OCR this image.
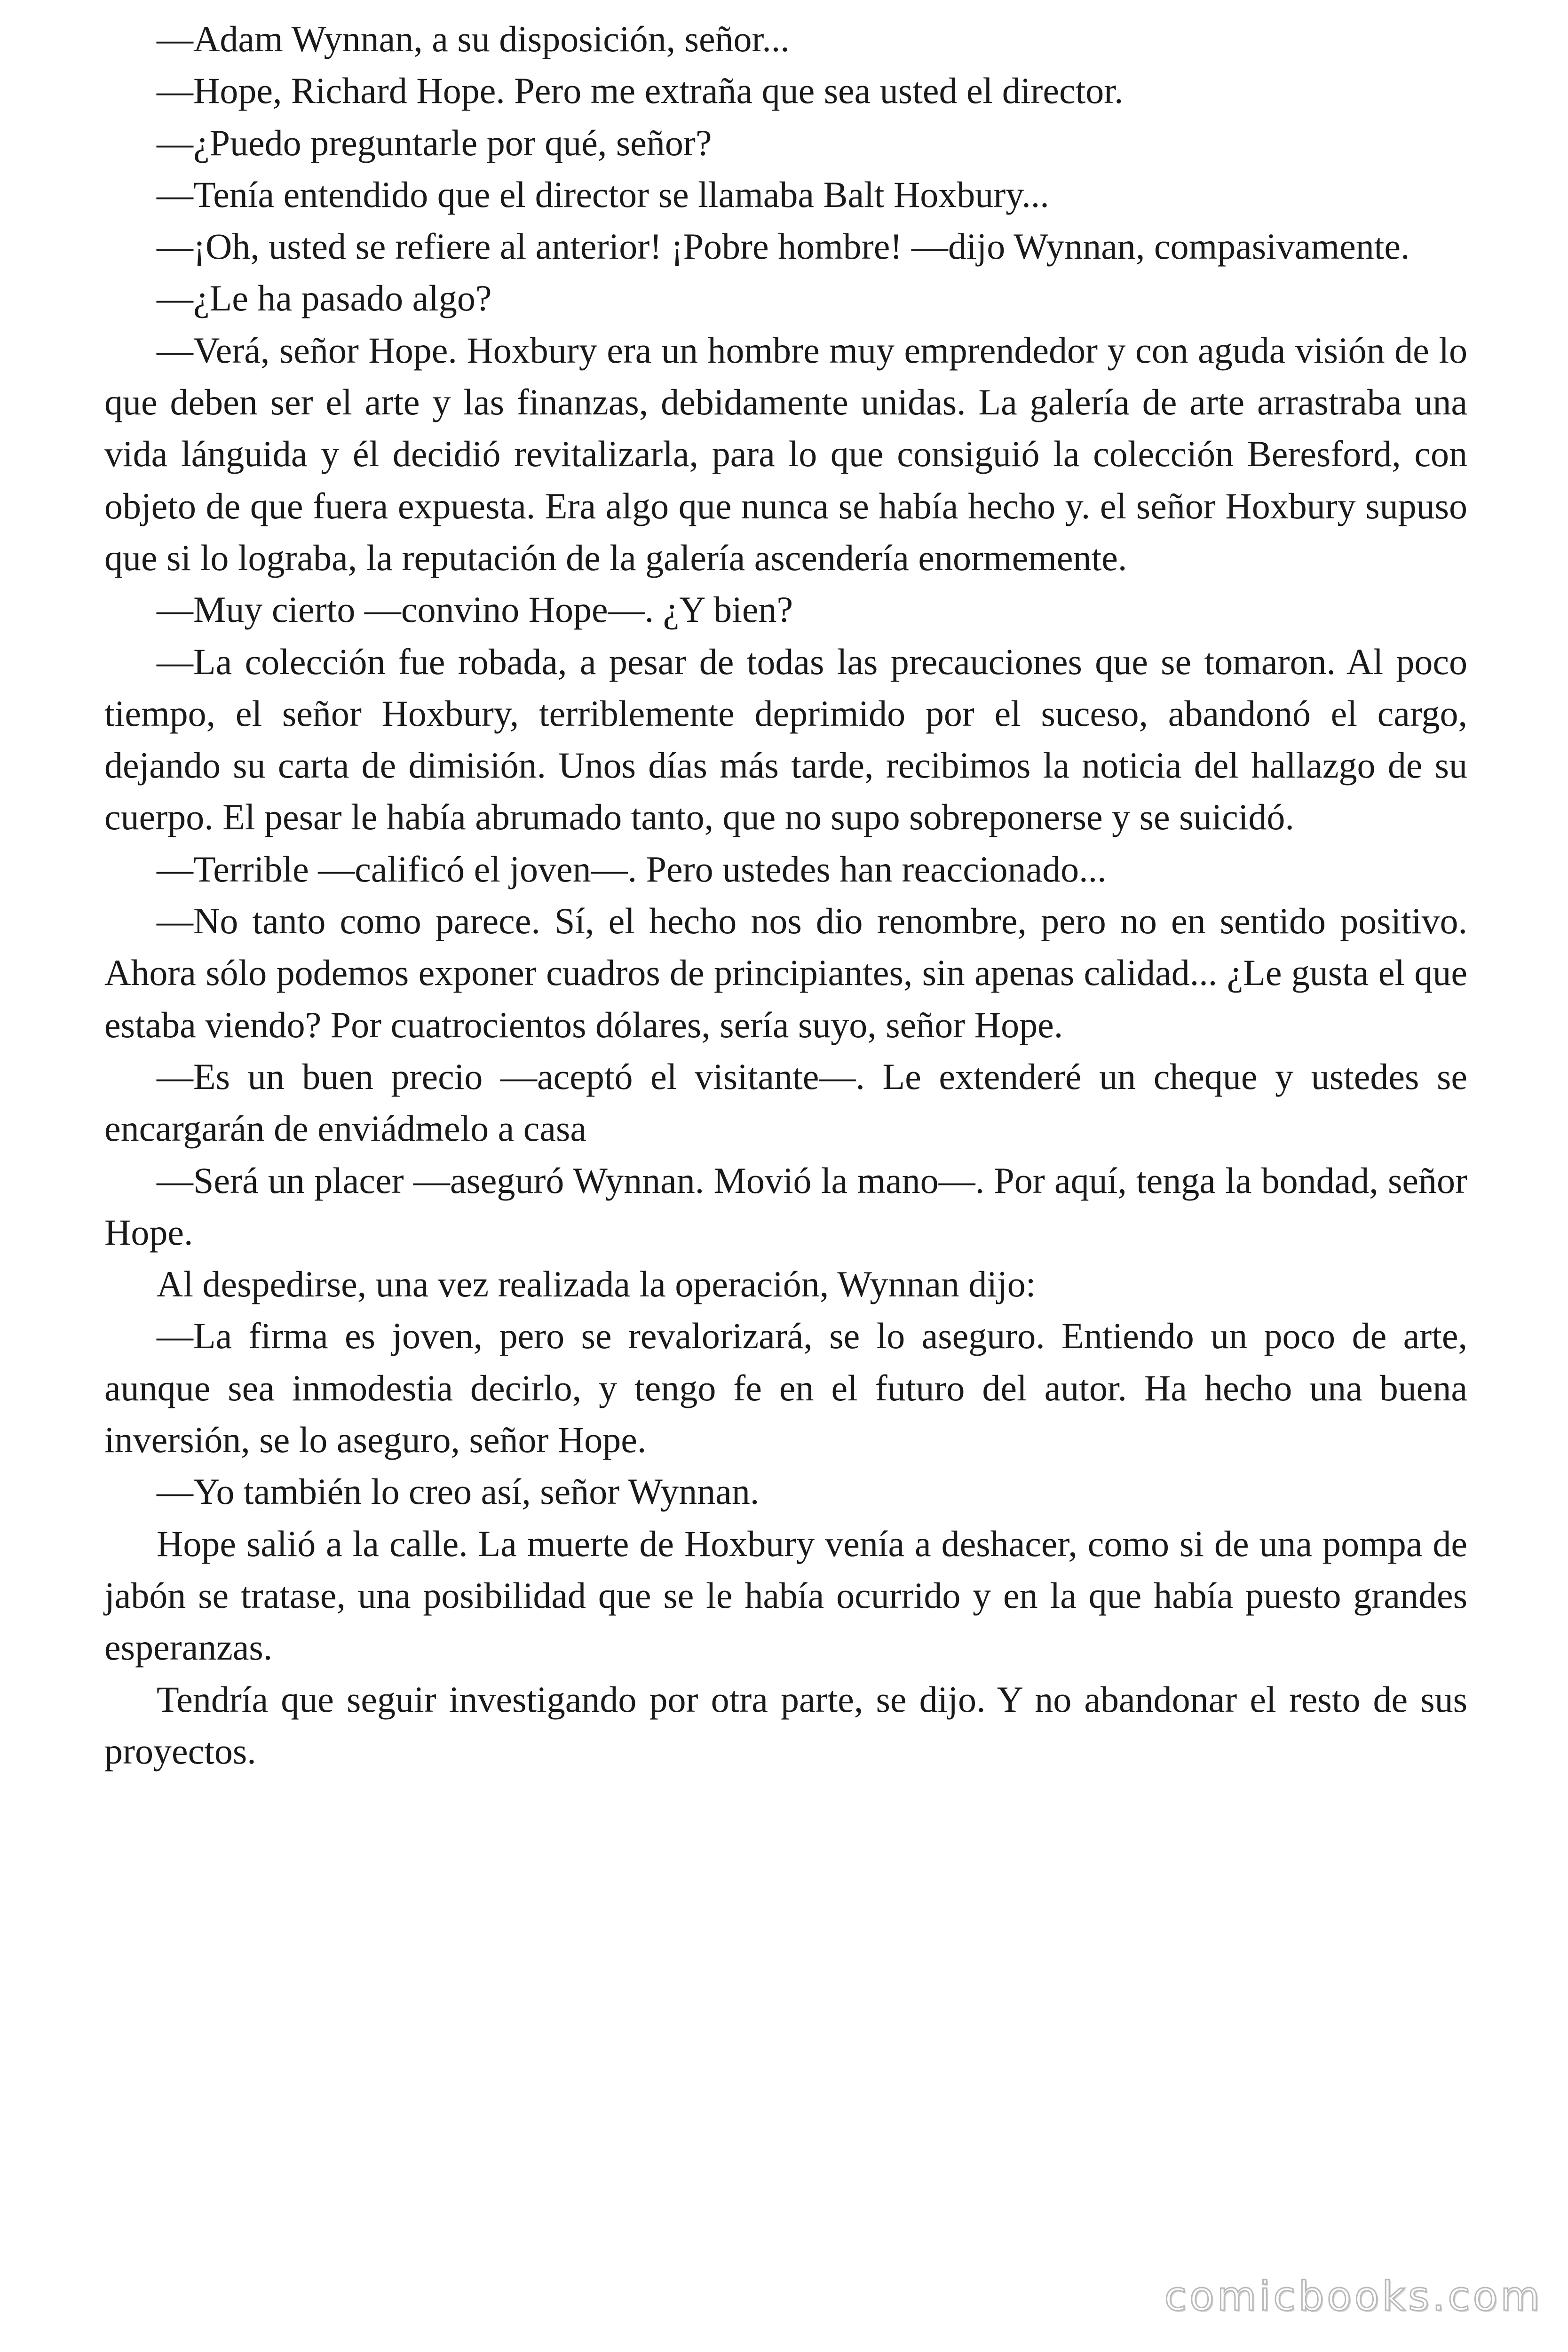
—Adam Wynnan, a su disposición, señor...

—Hope, Richard Hope. Pero me extraña que sea usted el director.

—¿Puedo preguntarle por qué, señor?

—Tenía entendido que el director se llamaba Balt Hoxbury...

—¡Oh, usted se refiere al anterior! ¡Pobre hombre! —dijo Wynnan, compasivamente.

—¿Le ha pasado algo?

—Verá, señor Hope. Hoxbury era un hombre muy emprendedor y con aguda visión de lo que deben ser el arte y las finanzas, debidamente unidas. La galería de arte arrastraba una vida lánguida y él decidió revitalizarla, para lo que consiguió la colección Beresford, con objeto de que fuera expuesta. Era algo que nunca se había hecho y. el señor Hoxbury supuso que si lo lograba, la reputación de la galería ascendería enormemente.

—Muy cierto —convino Hope—. ¿Y bien?

—La colección fue robada, a pesar de todas las precauciones que se tomaron. Al poco tiempo, el señor Hoxbury, terriblemente deprimido por el suceso, abandonó el cargo, dejando su carta de dimisión. Unos días más tarde, recibimos la noticia del hallazgo de su cuerpo. El pesar le había abrumado tanto, que no supo sobreponerse y se suicidó.

—Terrible —calificó el joven—. Pero ustedes han reaccionado...

—No tanto como parece. Sí, el hecho nos dio renombre, pero no en sentido positivo. Ahora sólo podemos exponer cuadros de principiantes, sin apenas calidad... ¿Le gusta el que estaba viendo? Por cuatrocientos dólares, sería suyo, señor Hope.

—Es un buen precio —aceptó el visitante—. Le extenderé un cheque y ustedes se encargarán de enviádmelo a casa

—Será un placer —aseguró Wynnan. Movió la mano—. Por aquí, tenga la bondad, señor Hope.

Al despedirse, una vez realizada la operación, Wynnan dijo:

—La firma es joven, pero se revalorizará, se lo aseguro. Entiendo un poco de arte, aunque sea inmodestia decirlo, y tengo fe en el futuro del autor. Ha hecho una buena inversión, se lo aseguro, señor Hope.

—Yo también lo creo así, señor Wynnan.

Hope salió a la calle. La muerte de Hoxbury venía a deshacer, como si de una pompa de jabón se tratase, una posibilidad que se le había ocurrido y en la que había puesto grandes esperanzas.

Tendría que seguir investigando por otra parte, se dijo. Y no abandonar el resto de sus proyectos.

comicbooks.com
